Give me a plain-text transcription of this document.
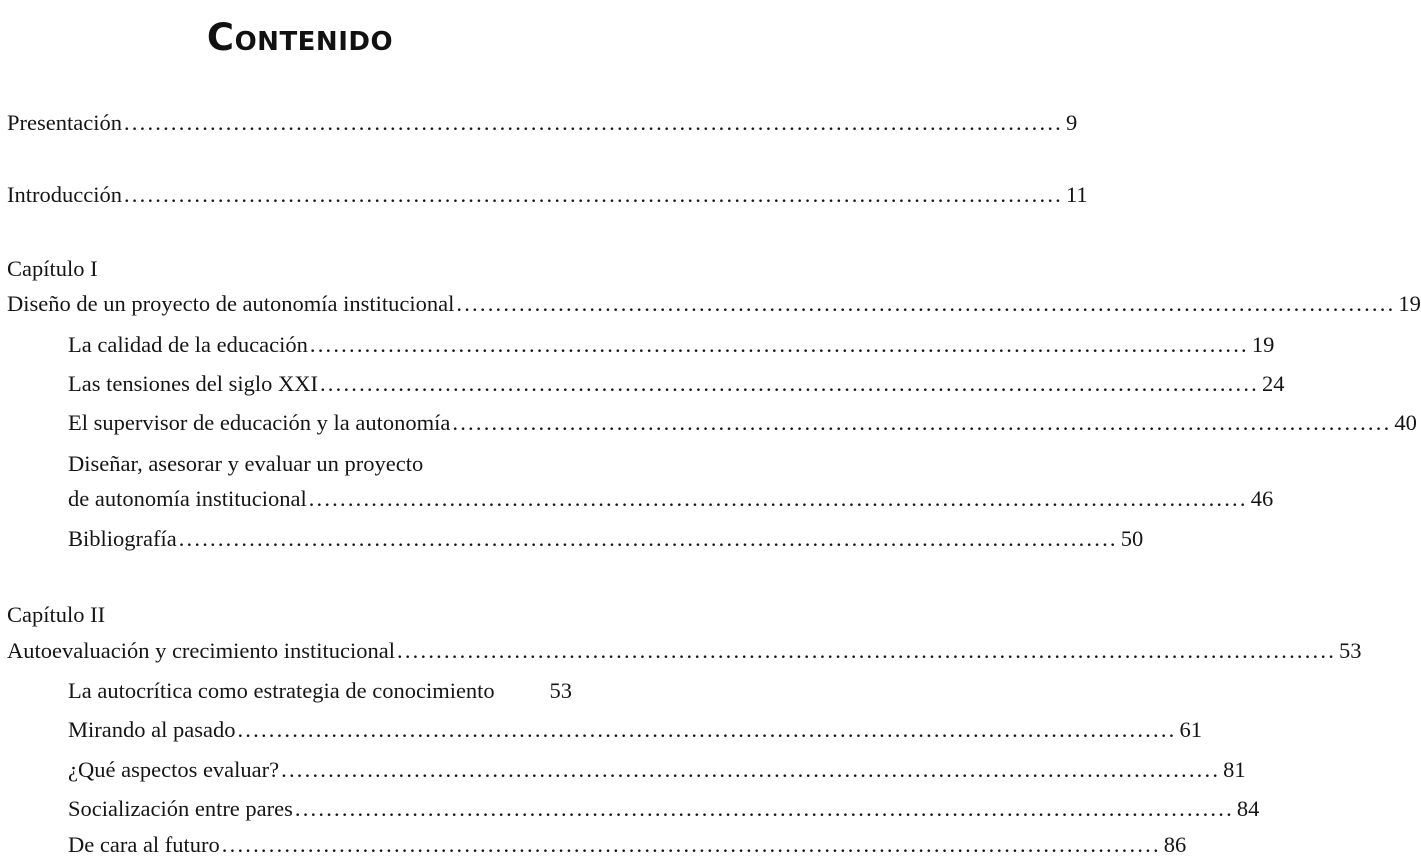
Contenido
Presentación ........................................................................................................................ 9
Introducción ........................................................................................................................ 11
Capítulo I
Diseño de un proyecto de autonomía institucional ........................................................................................................................ 19
La calidad de la educación ........................................................................................................................ 19
Las tensiones del siglo XXI ........................................................................................................................ 24
El supervisor de educación y la autonomía ........................................................................................................................ 40
Diseñar, asesorar y evaluar un proyecto
de autonomía institucional ........................................................................................................................ 46
Bibliografía ........................................................................................................................ 50
Capítulo II
Autoevaluación y crecimiento institucional ........................................................................................................................ 53
La autocrítica como estrategia de conocimiento 53
Mirando al pasado ........................................................................................................................ 61
¿Qué aspectos evaluar? ........................................................................................................................ 81
Socialización entre pares ........................................................................................................................ 84
De cara al futuro ........................................................................................................................ 86
